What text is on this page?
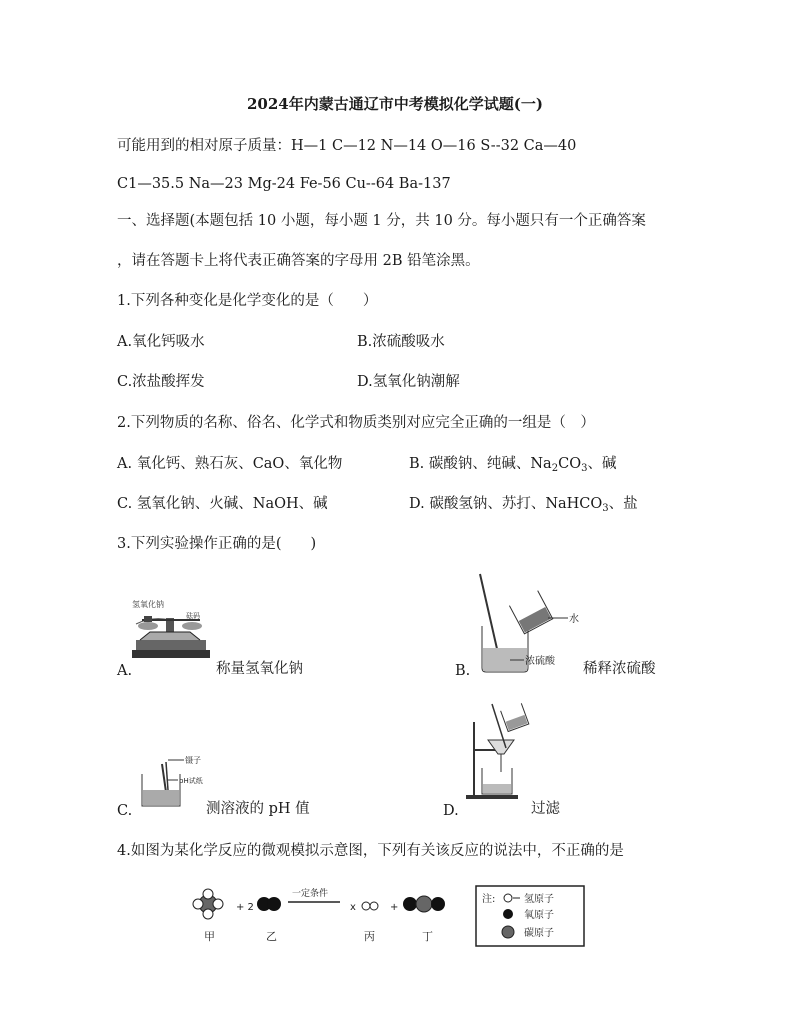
2024年内蒙古通辽市中考模拟化学试题(一)
可能用到的相对原子质量：H—1 C—12 N—14 O—16 S--32 Ca—40
C1—35.5 Na—23 Mg-24 Fe-56 Cu--64 Ba-137
一、选择题(本题包括 10 小题，每小题 1 分，共 10 分。每小题只有一个正确答案
，请在答题卡上将代表正确答案的字母用 2B 铅笔涂黑。
1.下列各种变化是化学变化的是（　　）
A.氧化钙吸水	B.浓硫酸吸水
C.浓盐酸挥发	D.氢氧化钠潮解
2.下列物质的名称、俗名、化学式和物质类别对应完全正确的一组是（　）
A. 氧化钙、熟石灰、CaO、氧化物	B. 碳酸钠、纯碱、$Na_2CO_3$、碱
C. 氢氧化钠、火碱、NaOH、碱	D. 碳酸氢钠、苏打、NaHCO$_3$、盐
3.下列实验操作正确的是(　　)
氢氧化钠
砝码
A.	称量氢氧化钠
水
浓硫酸
B.	稀释浓硫酸
镊子
pH试纸
C.	测溶液的 pH 值	D.	过滤
4.如图为某化学反应的微观模拟示意图，下列有关该反应的说法中，不正确的是
+ 2
一定条件
x	+
甲	乙	丙	丁
注:	氢原子
氧原子
碳原子
